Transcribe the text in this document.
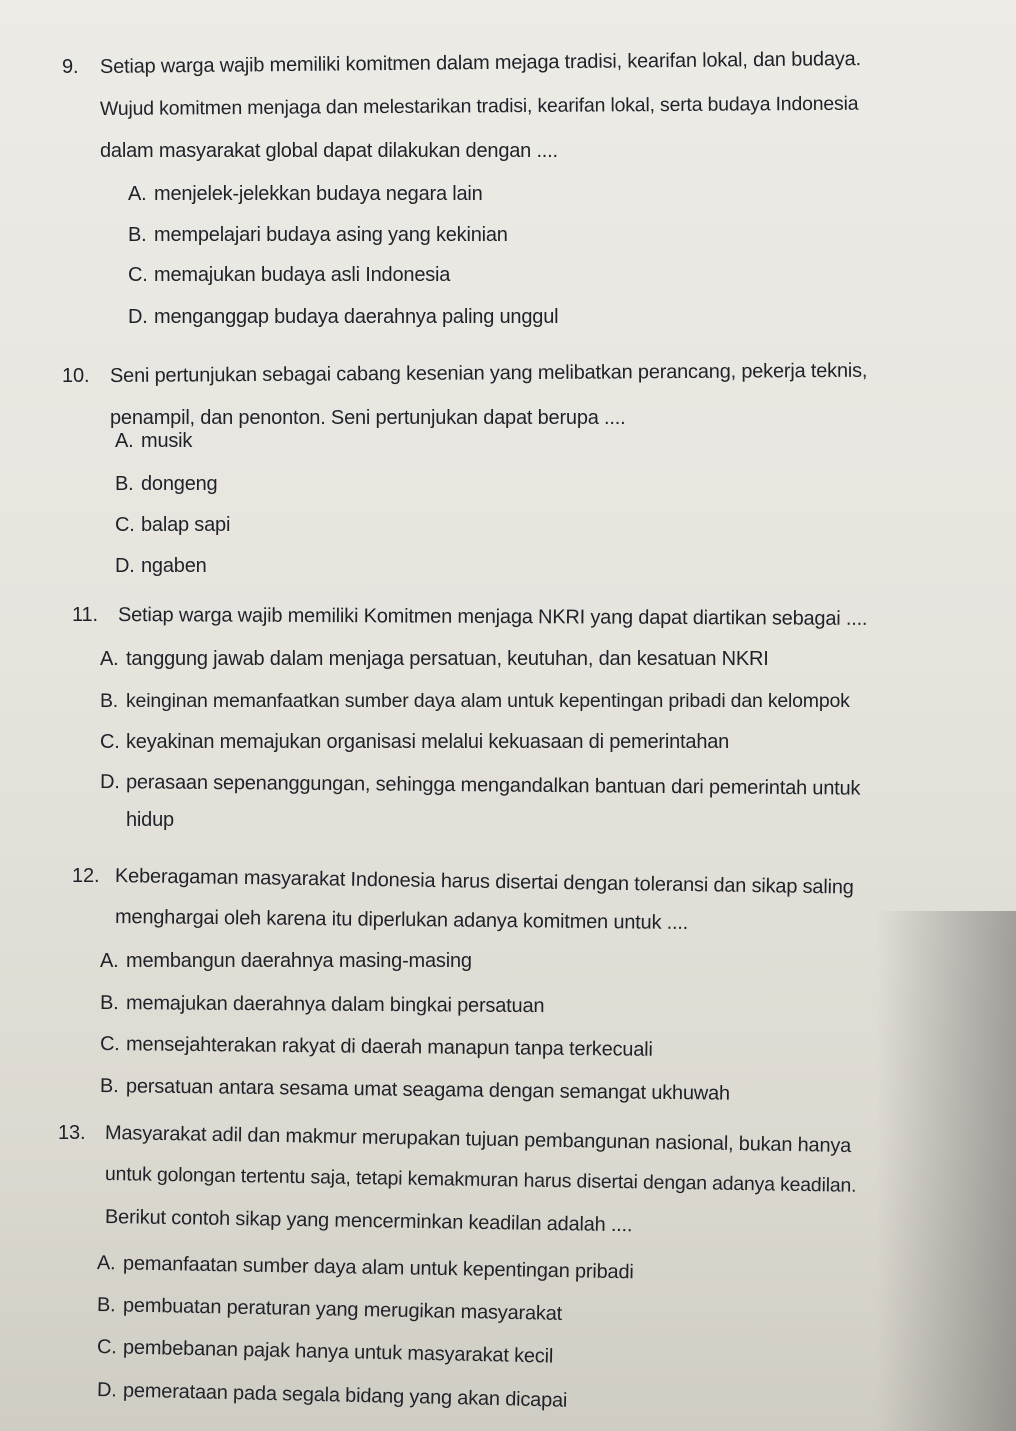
9. Setiap warga wajib memiliki komitmen dalam mejaga tradisi, kearifan lokal, dan budaya.
Wujud komitmen menjaga dan melestarikan tradisi, kearifan lokal, serta budaya Indonesia
dalam masyarakat global dapat dilakukan dengan ....
A. menjelek-jelekkan budaya negara lain
B. mempelajari budaya asing yang kekinian
C. memajukan budaya asli Indonesia
D. menganggap budaya daerahnya paling unggul
10. Seni pertunjukan sebagai cabang kesenian yang melibatkan perancang, pekerja teknis,
penampil, dan penonton. Seni pertunjukan dapat berupa ....
A. musik
B. dongeng
C. balap sapi
D. ngaben
11. Setiap warga wajib memiliki Komitmen menjaga NKRI yang dapat diartikan sebagai ....
A. tanggung jawab dalam menjaga persatuan, keutuhan, dan kesatuan NKRI
B. keinginan memanfaatkan sumber daya alam untuk kepentingan pribadi dan kelompok
C. keyakinan memajukan organisasi melalui kekuasaan di pemerintahan
D. perasaan sepenanggungan, sehingga mengandalkan bantuan dari pemerintah untuk
hidup
12. Keberagaman masyarakat Indonesia harus disertai dengan toleransi dan sikap saling
menghargai oleh karena itu diperlukan adanya komitmen untuk ....
A. membangun daerahnya masing-masing
B. memajukan daerahnya dalam bingkai persatuan
C. mensejahterakan rakyat di daerah manapun tanpa terkecuali
B. persatuan antara sesama umat seagama dengan semangat ukhuwah
13. Masyarakat adil dan makmur merupakan tujuan pembangunan nasional, bukan hanya
untuk golongan tertentu saja, tetapi kemakmuran harus disertai dengan adanya keadilan.
Berikut contoh sikap yang mencerminkan keadilan adalah ....
A. pemanfaatan sumber daya alam untuk kepentingan pribadi
B. pembuatan peraturan yang merugikan masyarakat
C. pembebanan pajak hanya untuk masyarakat kecil
D. pemerataan pada segala bidang yang akan dicapai
